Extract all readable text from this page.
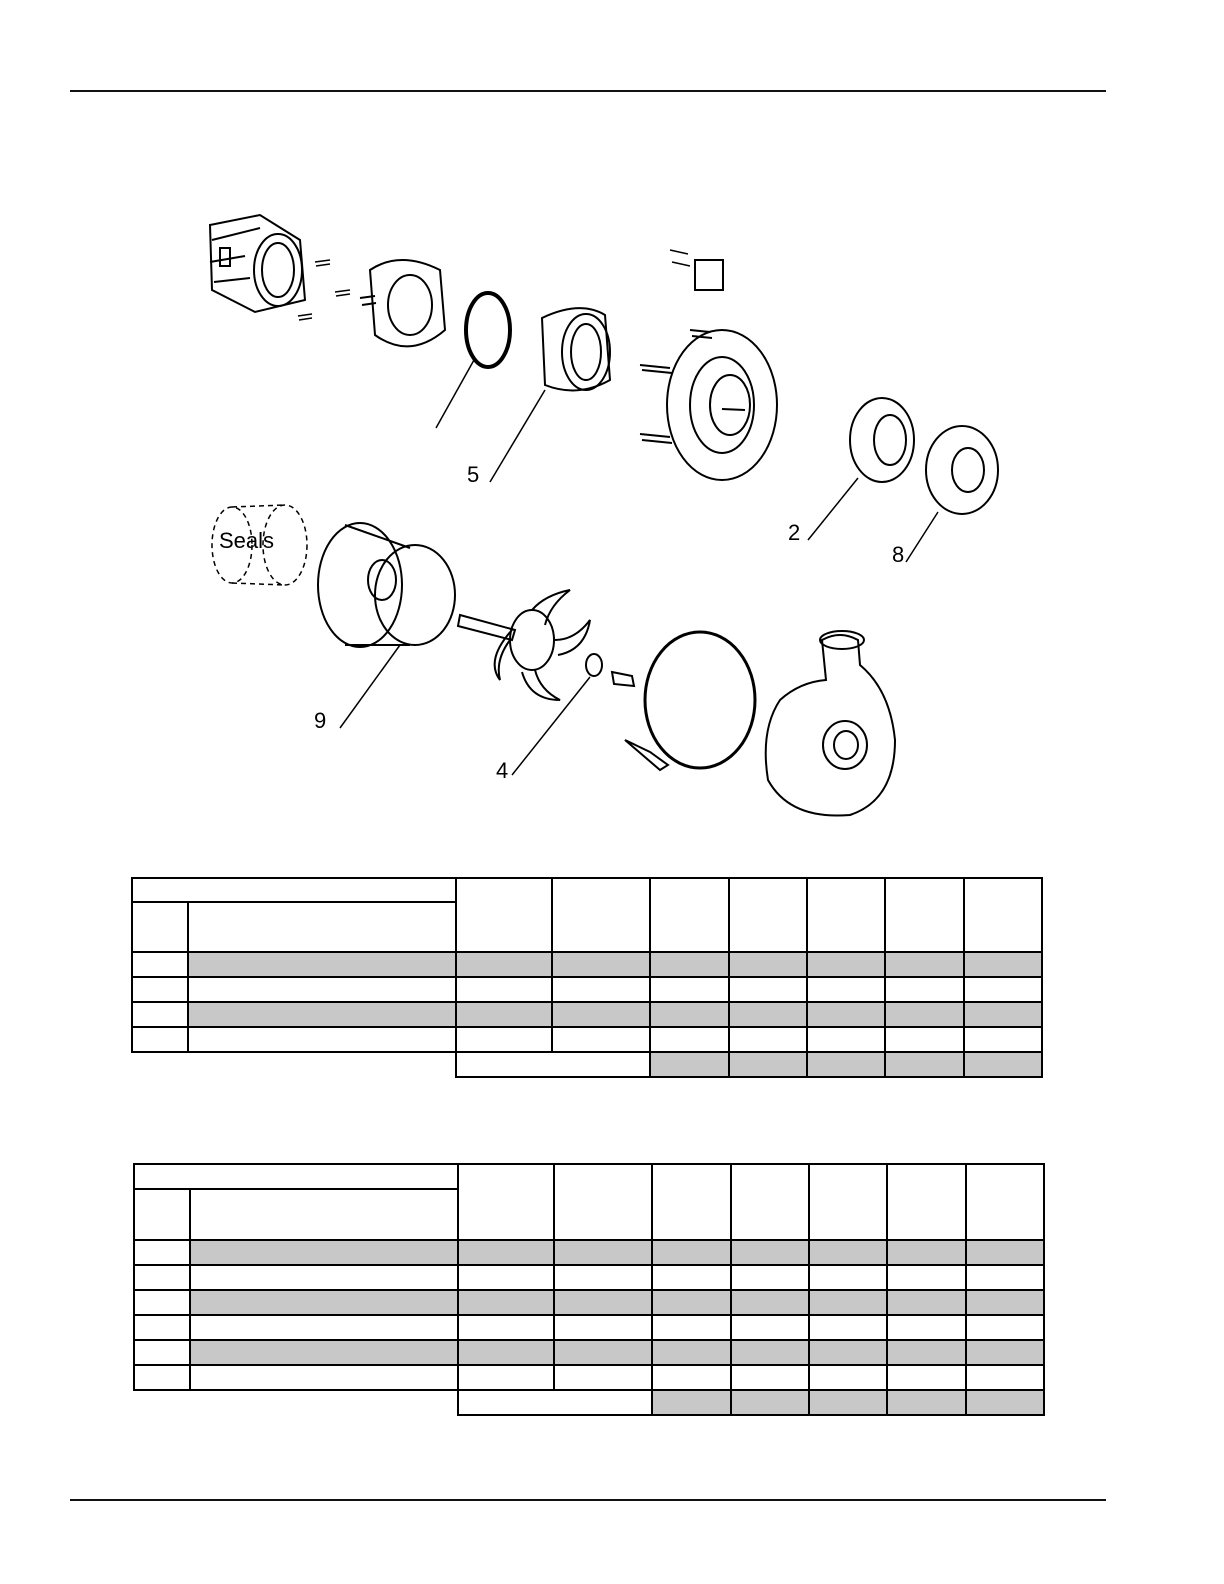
Seals
5
2
8
9
4
